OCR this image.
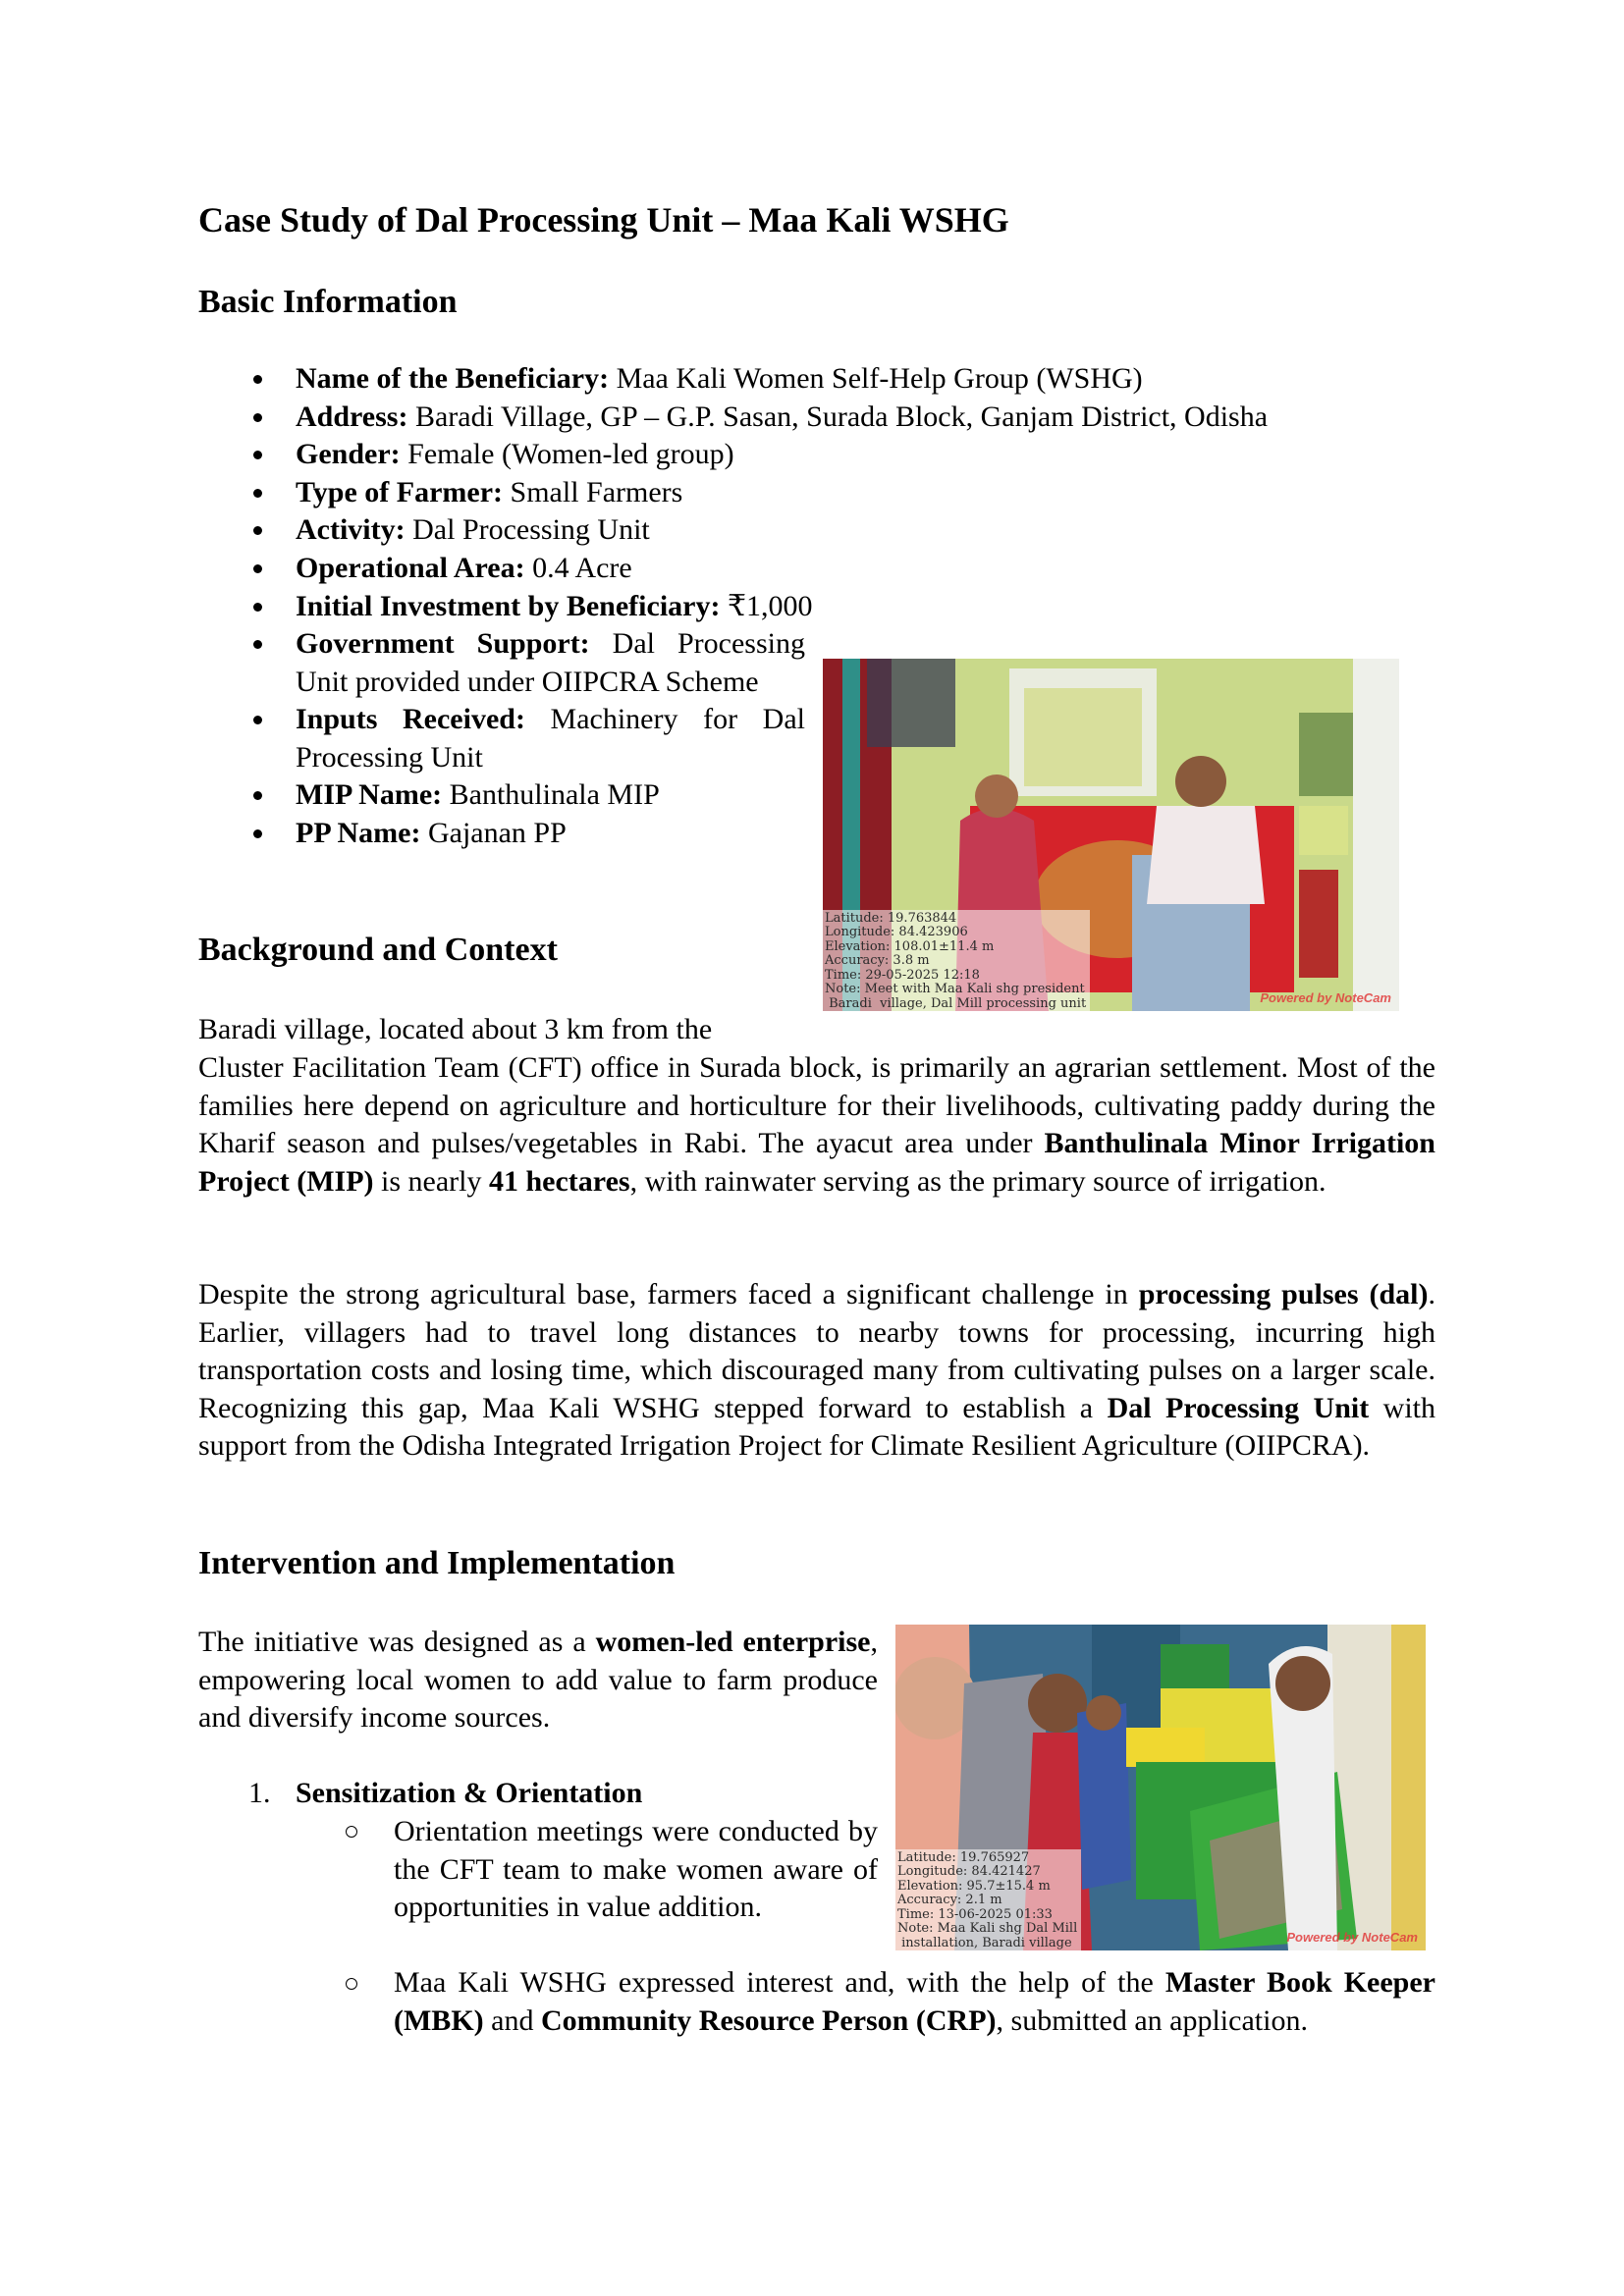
Case Study of Dal Processing Unit – Maa Kali WSHG
Basic Information
Name of the Beneficiary: Maa Kali Women Self-Help Group (WSHG)
Address: Baradi Village, GP – G.P. Sasan, Surada Block, Ganjam District, Odisha
Gender: Female (Women-led group)
Type of Farmer: Small Farmers
Activity: Dal Processing Unit
Operational Area: 0.4 Acre
Initial Investment by Beneficiary: ₹1,000
Government Support: Dal Processing Unit provided under OIIPCRA Scheme
Inputs Received: Machinery for Dal Processing Unit
MIP Name: Banthulinala MIP
PP Name: Gajanan PP
Latitude: 19.763844
Longitude: 84.423906
Elevation: 108.01±11.4 m
Accuracy: 3.8 m
Time: 29-05-2025 12:18
Note: Meet with Maa Kali shg president
Baradi  village, Dal Mill processing unit	Powered by NoteCam
Background and Context
Baradi village, located about 3 km from the
Cluster Facilitation Team (CFT) office in Surada block, is primarily an agrarian settlement. Most of the families here depend on agriculture and horticulture for their livelihoods, cultivating paddy during the Kharif season and pulses/vegetables in Rabi. The ayacut area under Banthulinala Minor Irrigation Project (MIP) is nearly 41 hectares, with rainwater serving as the primary source of irrigation.
Despite the strong agricultural base, farmers faced a significant challenge in processing pulses (dal). Earlier, villagers had to travel long distances to nearby towns for processing, incurring high transportation costs and losing time, which discouraged many from cultivating pulses on a larger scale. Recognizing this gap, Maa Kali WSHG stepped forward to establish a Dal Processing Unit with support from the Odisha Integrated Irrigation Project for Climate Resilient Agriculture (OIIPCRA).
Intervention and Implementation
The initiative was designed as a women-led enterprise, empowering local women to add value to farm produce and diversify income sources.
1. Sensitization & Orientation
Orientation meetings were conducted by the CFT team to make women aware of opportunities in value addition.
Maa Kali WSHG expressed interest and, with the help of the Master Book Keeper (MBK) and Community Resource Person (CRP), submitted an application.
Latitude: 19.765927
Longitude: 84.421427
Elevation: 95.7±15.4 m
Accuracy: 2.1 m
Time: 13-06-2025 01:33
Note: Maa Kali shg Dal Mill
installation, Baradi village	Powered by NoteCam
